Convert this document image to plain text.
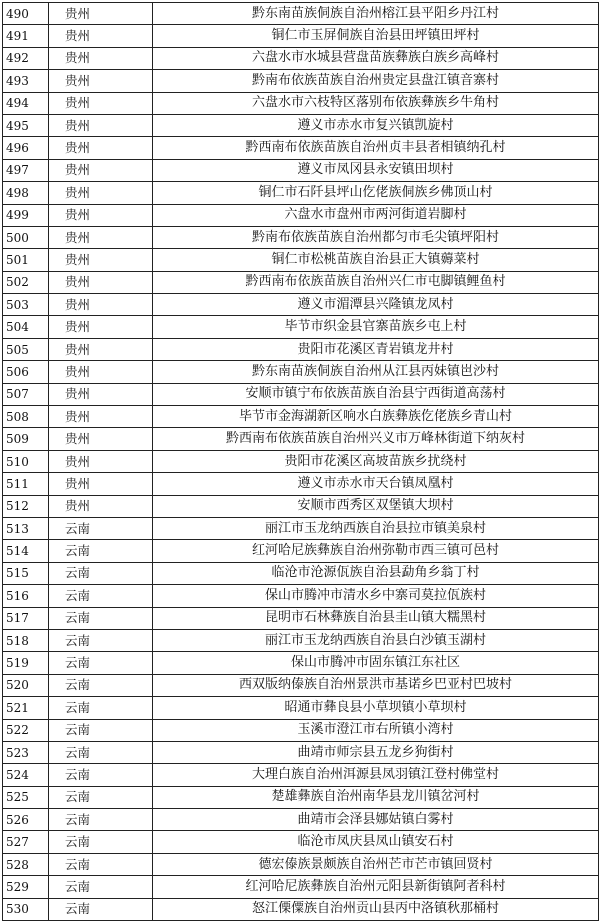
490	贵州	黔东南苗族侗族自治州榕江县平阳乡丹江村
491	贵州	铜仁市玉屏侗族自治县田坪镇田坪村
492	贵州	六盘水市水城县营盘苗族彝族白族乡高峰村
493	贵州	黔南布依族苗族自治州贵定县盘江镇音寨村
494	贵州	六盘水市六枝特区落别布依族彝族乡牛角村
495	贵州	遵义市赤水市复兴镇凯旋村
496	贵州	黔西南布依族苗族自治州贞丰县者相镇纳孔村
497	贵州	遵义市凤冈县永安镇田坝村
498	贵州	铜仁市石阡县坪山仡佬族侗族乡佛顶山村
499	贵州	六盘水市盘州市两河街道岩脚村
500	贵州	黔南布依族苗族自治州都匀市毛尖镇坪阳村
501	贵州	铜仁市松桃苗族自治县正大镇薅菜村
502	贵州	黔西南布依族苗族自治州兴仁市屯脚镇鲤鱼村
503	贵州	遵义市湄潭县兴隆镇龙凤村
504	贵州	毕节市织金县官寨苗族乡屯上村
505	贵州	贵阳市花溪区青岩镇龙井村
506	贵州	黔东南苗族侗族自治州从江县丙妹镇岜沙村
507	贵州	安顺市镇宁布依族苗族自治县宁西街道高荡村
508	贵州	毕节市金海湖新区响水白族彝族仡佬族乡青山村
509	贵州	黔西南布依族苗族自治州兴义市万峰林街道下纳灰村
510	贵州	贵阳市花溪区高坡苗族乡扰绕村
511	贵州	遵义市赤水市天台镇凤凰村
512	贵州	安顺市西秀区双堡镇大坝村
513	云南	丽江市玉龙纳西族自治县拉市镇美泉村
514	云南	红河哈尼族彝族自治州弥勒市西三镇可邑村
515	云南	临沧市沧源佤族自治县勐角乡翁丁村
516	云南	保山市腾冲市清水乡中寨司莫拉佤族村
517	云南	昆明市石林彝族自治县圭山镇大糯黑村
518	云南	丽江市玉龙纳西族自治县白沙镇玉湖村
519	云南	保山市腾冲市固东镇江东社区
520	云南	西双版纳傣族自治州景洪市基诺乡巴亚村巴坡村
521	云南	昭通市彝良县小草坝镇小草坝村
522	云南	玉溪市澄江市右所镇小湾村
523	云南	曲靖市师宗县五龙乡狗街村
524	云南	大理白族自治州洱源县凤羽镇江登村佛堂村
525	云南	楚雄彝族自治州南华县龙川镇岔河村
526	云南	曲靖市会泽县娜姑镇白雾村
527	云南	临沧市凤庆县凤山镇安石村
528	云南	德宏傣族景颇族自治州芒市芒市镇回贤村
529	云南	红河哈尼族彝族自治州元阳县新街镇阿者科村
530	云南	怒江傈僳族自治州贡山县丙中洛镇秋那桶村
